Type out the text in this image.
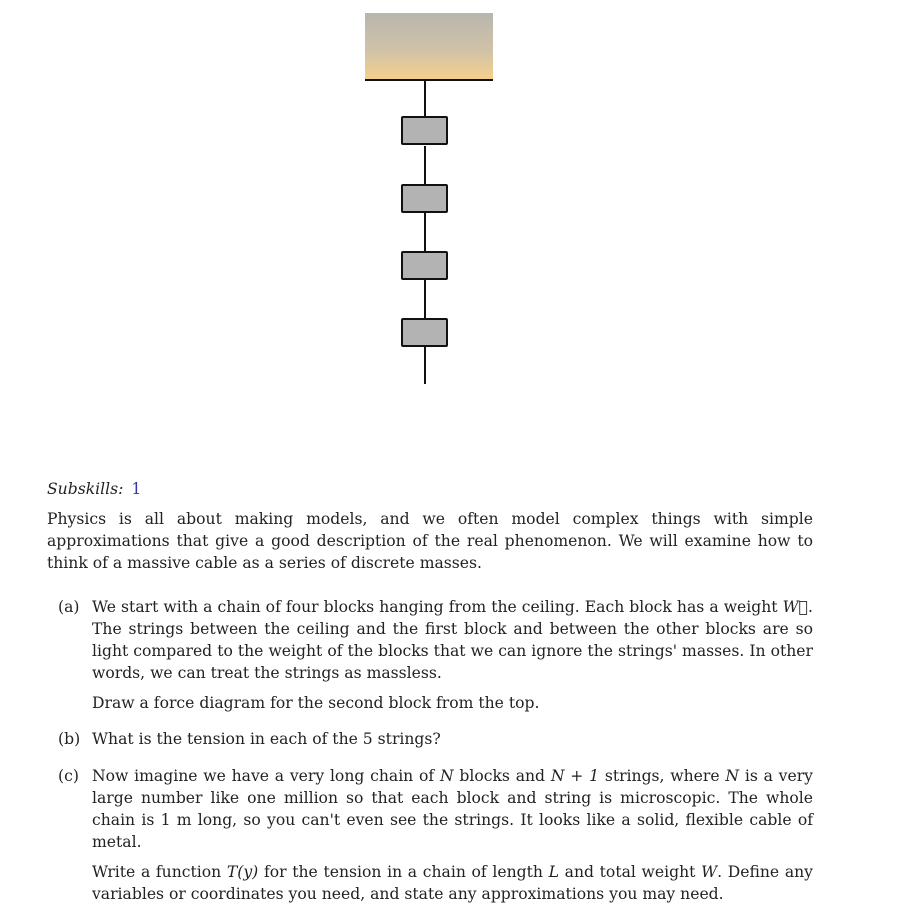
Subskills: 1
Physics is all about making models, and we often model complex things with simple approximations that give a good description of the real phenomenon. We will examine how to think of a massive cable as a series of discrete masses.
(a) We start with a chain of four blocks hanging from the ceiling. Each block has a weight W⃗. The strings between the ceiling and the first block and between the other blocks are so light compared to the weight of the blocks that we can ignore the strings' masses. In other words, we can treat the strings as massless.

Draw a force diagram for the second block from the top.

(b) What is the tension in each of the 5 strings?

(c) Now imagine we have a very long chain of N blocks and N + 1 strings, where N is a very large number like one million so that each block and string is microscopic. The whole chain is 1 m long, so you can't even see the strings. It looks like a solid, flexible cable of metal.

Write a function T(y) for the tension in a chain of length L and total weight W. Define any variables or coordinates you need, and state any approximations you may need.
